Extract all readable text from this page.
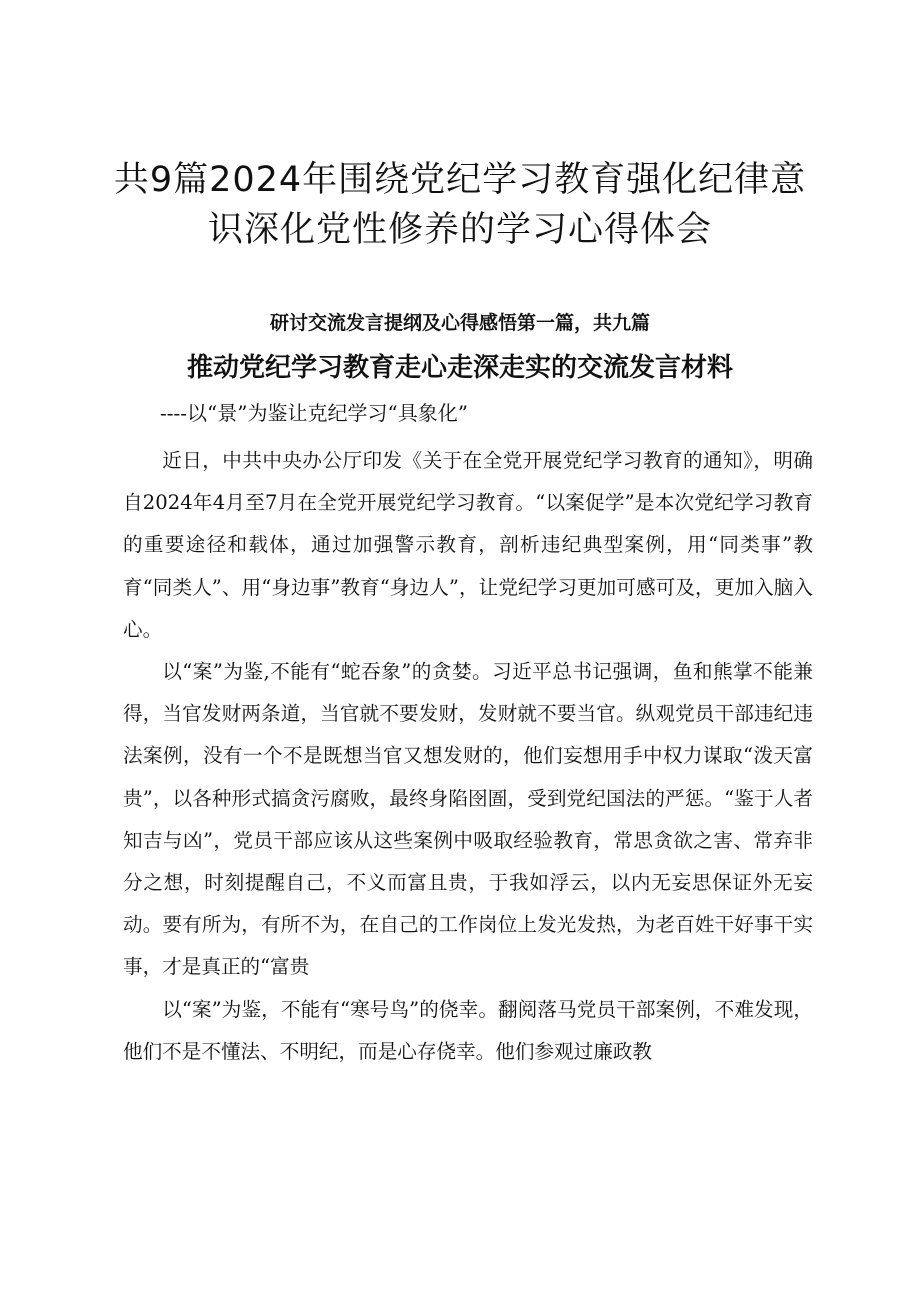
共9篇2024年围绕党纪学习教育强化纪律意识深化党性修养的学习心得体会
研讨交流发言提纲及心得感悟第一篇，共九篇
推动党纪学习教育走心走深走实的交流发言材料
----以“景”为鉴让克纪学习“具象化”

近日，中共中央办公厅印发《关于在全党开展党纪学习教育的通知》，明确自2024年4月至7月在全党开展党纪学习教育。“以案促学”是本次党纪学习教育的重要途径和载体，通过加强警示教育，剖析违纪典型案例，用“同类事”教育“同类人”、用“身边事”教育“身边人”，让党纪学习更加可感可及，更加入脑入心。

以“案”为鉴,不能有“蛇吞象”的贪婪。习近平总书记强调，鱼和熊掌不能兼得，当官发财两条道，当官就不要发财，发财就不要当官。纵观党员干部违纪违法案例，没有一个不是既想当官又想发财的，他们妄想用手中权力谋取“泼天富贵”，以各种形式搞贪污腐败，最终身陷囹圄，受到党纪国法的严惩。“鉴于人者知吉与凶”，党员干部应该从这些案例中吸取经验教育，常思贪欲之害、常弃非分之想，时刻提醒自己，不义而富且贵，于我如浮云，以内无妄思保证外无妄动。要有所为，有所不为，在自己的工作岗位上发光发热，为老百姓干好事干实事，才是真正的“富贵

以“案”为鉴，不能有“寒号鸟”的侥幸。翻阅落马党员干部案例，不难发现，他们不是不懂法、不明纪，而是心存侥幸。他们参观过廉政教
